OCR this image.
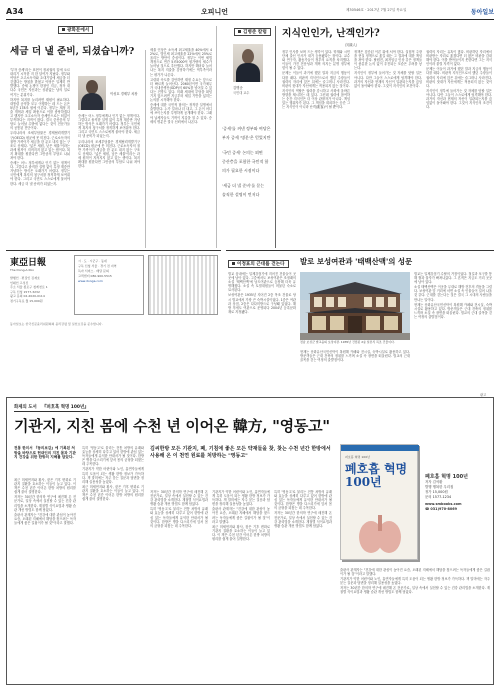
A34	오피니언	제30546호 · 2017년 7월 27일 목요일	동아일보
광화문에서
세금 더 낼 준비, 되셨습니까?

'부자 증세'라는 표현이 정치권의 입에 오르내리기 시작한 지 한 달여가 지났다. 정부와 여당은 초고소득자와 초대기업에 세금을 더 걷겠다는 방침을 밝혔고 야당은 일제히 반발했다. 증세 논쟁이 한창인 지금, 정작 대다수 국민은 자신과는 상관없는 남의 일로 여기는 분위기다.

하지만 복지를 늘리려면 재원이 필요하다. 대통령 공약을 모두 이행하는 데 드는 돈은 5년간 178조 원에 이른다. 정부는 재정 지출 개혁과 세입 확충으로 이를 충당하겠다고 했지만 초고소득자 증세만으로는 턱없이 부족하다는 지적이 많다. 결국 중산층의 부담도 늘어날 수밖에 없다는 것이 전문가들의 공통된 진단이다.

우리나라의 조세부담률은 경제협력개발기구(OECD) 평균에 못 미친다. 근로소득자의 절반 가까이가 세금을 한 푼도 내지 않는 구조도 문제다. '넓은 세원, 낮은 세율'이라는 과세 원칙이 지켜지지 않고 있는 셈이다. 복지 확대를 원한다면 그만큼의 부담도 나눠 져야 한다.

증세는 어느 정부에게나 인기 없는 정책이다. 그렇다고 솔직한 설명 없이 특정 계층만 겨냥하는 방식은 오래가기 어렵다. 정부는 국민에게 복지의 청구서를 정직하게 보여줘야 한다. 그리고 국민도 스스로에게 물어야 한다. 세금 더 낼 준비가 되었는지.

이성호 경제부 차장

증세는 어느 정부에게나 인기 없는 정책이다. 그렇다고 솔직한 설명 없이 특정 계층만 겨냥하는 방식은 오래가기 어렵다. 정부는 국민에게 복지의 청구서를 정직하게 보여줘야 한다. 그리고 국민도 스스로에게 물어야 한다. 세금 더 낼 준비가 되었는지.

우리나라의 조세부담률은 경제협력개발기구(OECD) 평균에 못 미친다. 근로소득자의 절반 가까이가 세금을 한 푼도 내지 않는 구조도 문제다. '넓은 세원, 낮은 세율'이라는 과세 원칙이 지켜지지 않고 있는 셈이다. 복지 확대를 원한다면 그만큼의 부담도 나눠 져야 한다.

세율 인상은 소득세 최고세율을 40%에서 42%로, 법인세 최고세율을 22%에서 25%로 올리는 방안이 중심이다. 정부는 이번 세법 개정으로 연간 5조5000억 원가량의 세수가 늘어날 것으로 추산했다. 하지만 해마다 늘어나는 복지 지출을 감당하기에는 역부족이라는 평가가 나온다.

고령화 속도를 감안하면 재정 수요는 앞으로 더 빠르게 늘어난다. 2060년이면 국가채무가 국내총생산(GDP)의 60%를 넘어설 수 있다는 전망도 있다. 미래 세대에 부담을 떠넘기지 않으려면 지금부터 세입 기반을 넓히는 논의를 시작해야 한다.

증세에 대한 국민적 합의는 정직한 설명에서 출발한다. 누가 얼마나 더 내고, 그 돈이 어디에 쓰이는지를 투명하게 공개해야 한다. 그래야 납세자들도 기꺼이 지갑을 열 수 있다. 증세의 명분은 결국 신뢰에서 나온다.

'증세'를 꺼낸 정부와 여당은
부자 증세 '명분'은 얻었지만
'국민 증세' 논의는 외면
중산층을 포함한 국민적 합의가 필요한 시점이다
'세금 더 낼 준비'를 묻는
솔직한 설명이 먼저다
김병준 칼럼
김병준
국민대 교수
지식인인가, 난겍인가?
(知識人)

정부 인사를 보며 드는 생각이 있다. 학계와 시민단체 출신 인사가 대거 등용됐다는 점이다. 교수와 연구자, 활동가들이 정부의 요직을 차지했다. 이들이 가진 전문성과 개혁 의지는 분명 정부에 힘이 될 수 있다.

문제는 이들이 과거에 했던 말과 지금의 행동이 다를 때다. 비판적 지식인으로서 했던 주장들이 권력의 자리에 앉은 뒤에는 슬그머니 사라진다. 비판의 잣대가 자신에게는 적용되지 않는 것이다.

지식인의 역할은 권력을 감시하고 사회에 올바른 방향을 제시하는 데 있다. 그런데 권력에 참여하는 순간 지식인은 더 이상 관찰자가 아니다. 책임 있는 행위자가 된다. 그 책임을 회피하는 순간 그는 지식인이 아니라 난객(亂客)이 될 뿐이다.

정책은 검증된 이론 위에 서야 한다. 실험적 주장을 현실 정책으로 옮길 때는 그 결과에 대한 책임을 져야 한다. 탈원전, 최저임금 인상 같은 정책들이 충분한 논의 없이 추진되는 모습은 우려를 낳는다.

지식인이 정부에 들어가는 것 자체를 탓할 일은 아니다. 다만 그들이 스스로에게 엄격해야 한다. 과거의 자신과 현재의 자신이 일관되는지를 끊임없이 돌아봐야 한다. 그것이 지식인의 조건이다.

권력의 자리는 유혹이 많다. 비판하던 자리에서 비판받는 자리로 옮겼다면 더 많은 비판을 감내해야 한다. 이를 받아들이지 못한다면 그는 지식인이라 불릴 자격이 없다.

문제는 이들이 과거에 했던 말과 지금의 행동이 다를 때다. 비판적 지식인으로서 했던 주장들이 권력의 자리에 앉은 뒤에는 슬그머니 사라진다. 비판의 잣대가 자신에게는 적용되지 않는 것이다.

지식인이 정부에 들어가는 것 자체를 탓할 일은 아니다. 다만 그들이 스스로에게 엄격해야 한다. 과거의 자신과 현재의 자신이 일관되는지를 끊임없이 돌아봐야 한다. 그것이 지식인의 조건이다.

東亞日報
The Dong-A Ilbo
발행인 · 편집인 김재호
인쇄인 고성진
주소 서울 종로구 청계천로 1
구독 신청 1577-3232
광고 문의 02-2020-0114
정기구독료 월 15,000원
시 · 도 · 시군구 · 동네
구독 신청 서울 · 경기 전 지역
독자 서비스 · 배달 문의
고객센터 080-900-5515
www.donga.com
동아일보는 한국신문윤리위원회의 윤리강령 및 실천요강을 준수합니다.
이정표의 근대를 걷는다	발로 보성여관과 '태백산맥'의 성문
전남 보성군 벌교읍의 보성여관. 1935년 건립된 2층 일본식 목조 건물이다.

벌교 읍내에는 일제강점기에 지어진 건물들이 곳곳에 남아 있다. 그중에서도 보성여관은 조정래의 소설 '태백산맥'에 남도여관으로 등장해 더욱 유명해졌다. 소설 속 토벌대원들이 머물던 숙소로 묘사된다.

보성여관은 1935년 지어진 2층 목조 건물로 당시 벌교에서 가장 큰 숙박시설이었다. 1층은 여관과 상점, 2층은 다다미방으로 구성돼 있었다. 해방 후에도 여관으로 운영되다 2004년 등록문화재로 지정됐다.

현재는 문화유산국민신탁이 복원해 카페와 전시실, 숙박시설로 활용하고 있다. 방문객들은 근대 건축의 정취를 느끼며 소설 속 장면을 떠올린다. 벌교의 근대 골목을 걷는 여정의 출발점이다.

벌교는 일제강점기 수탈의 거점이었다. 철길과 포구를 통해 쌀과 물자가 빠져나갔다. 그 흔적은 지금도 거리 곳곳에 남아 있다.

소설 태백산맥은 이곳을 무대로 해방 전후의 격동을 그렸다. 보성여관 앞 거리에 서면 소설 속 인물들이 걸어 나올 것 같다. 근대를 걷는다는 것은 결국 그 시대의 사람들을 만나는 일이다.

현재는 문화유산국민신탁이 복원해 카페와 전시실, 숙박시설로 활용하고 있다. 방문객들은 근대 건축의 정취를 느끼며 소설 속 장면을 떠올린다. 벌교의 근대 골목을 걷는 여정의 출발점이다.

광고
화제의 도서 『퍼호혹 혁명 100년』
기관지, 지친 몸에 수천 년 이어온 韓方, "영동고"
전통 한의서 『동의보감』에 기록된 처방을 바탕으로 현대인의 지친 몸과 기관지 건강을 위한 한방의 지혜를 담았다.

최근 미세먼지와 황사, 잦은 기후 변화로 기관지 질환을 호소하는 이들이 늘고 있다. 이 책은 수천 년간 이어온 한방 처방의 원리를 쉽게 풀어 설명한다.

저자는 30년간 한의학 연구에 매진해 온 전문가로, 일상 속에서 실천할 수 있는 건강 관리법을 소개한다. 계절별 식이요법과 생활 습관 개선 방법도 함께 담았다.

출판사 관계자는 "건강에 대한 관심이 높아진 요즘, 오래된 지혜에서 해답을 찾으려는 독자들에게 좋은 길잡이가 될 것"이라고 말했다.

특히 '영동고'로 불리는 전통 처방의 유래와 효능을 상세히 다루고 있어 한방에 관심 있는 독자들에게 유익한 안내서가 될 것이다. 한방은 병을 다스리기에 앞서 몸의 균형을 되찾는 데 주목한다.

기관지가 약한 어린이와 노인, 흡연자들에게 특히 도움이 되는 생활 한방 정보가 가득하다. 책 말미에는 자주 묻는 질문과 답변을 정리해 실용성을 높였다.

최근 미세먼지와 황사, 잦은 기후 변화로 기관지 질환을 호소하는 이들이 늘고 있다. 이 책은 수천 년간 이어온 한방 처방의 원리를 쉽게 풀어 설명한다.

김씨한방 모든 기관지, 폐, 기침에 좋은 모든 약재들을 찾, 찾는 수천 년간 한방에서 사용해 온 이 천연 원료를 처방하는 "영동고"

저자는 30년간 한의학 연구에 매진해 온 전문가로, 일상 속에서 실천할 수 있는 건강 관리법을 소개한다. 계절별 식이요법과 생활 습관 개선 방법도 함께 담았다.

특히 '영동고'로 불리는 전통 처방의 유래와 효능을 상세히 다루고 있어 한방에 관심 있는 독자들에게 유익한 안내서가 될 것이다. 한방은 병을 다스리기에 앞서 몸의 균형을 되찾는 데 주목한다.

기관지가 약한 어린이와 노인, 흡연자들에게 특히 도움이 되는 생활 한방 정보가 가득하다. 책 말미에는 자주 묻는 질문과 답변을 정리해 실용성을 높였다.

출판사 관계자는 "건강에 대한 관심이 높아진 요즘, 오래된 지혜에서 해답을 찾으려는 독자들에게 좋은 길잡이가 될 것"이라고 말했다.

최근 미세먼지와 황사, 잦은 기후 변화로 기관지 질환을 호소하는 이들이 늘고 있다. 이 책은 수천 년간 이어온 한방 처방의 원리를 쉽게 풀어 설명한다.

특히 '영동고'로 불리는 전통 처방의 유래와 효능을 상세히 다루고 있어 한방에 관심 있는 독자들에게 유익한 안내서가 될 것이다. 한방은 병을 다스리기에 앞서 몸의 균형을 되찾는 데 주목한다.

저자는 30년간 한의학 연구에 매진해 온 전문가로, 일상 속에서 실천할 수 있는 건강 관리법을 소개한다. 계절별 식이요법과 생활 습관 개선 방법도 함께 담았다.

퍼호흡 혁명 100년
폐호흡 혁명 100년	폐호흡 혁명 100년
저자 김석환
발행 행복한 우리집
정가 15,000원
문의 1577-1234
www.smbooks.com
☎ 031)970-8069

출판사 관계자는 "건강에 대한 관심이 높아진 요즘, 오래된 지혜에서 해답을 찾으려는 독자들에게 좋은 길잡이가 될 것"이라고 말했다.

기관지가 약한 어린이와 노인, 흡연자들에게 특히 도움이 되는 생활 한방 정보가 가득하다. 책 말미에는 자주 묻는 질문과 답변을 정리해 실용성을 높였다.

저자는 30년간 한의학 연구에 매진해 온 전문가로, 일상 속에서 실천할 수 있는 건강 관리법을 소개한다. 계절별 식이요법과 생활 습관 개선 방법도 함께 담았다.
